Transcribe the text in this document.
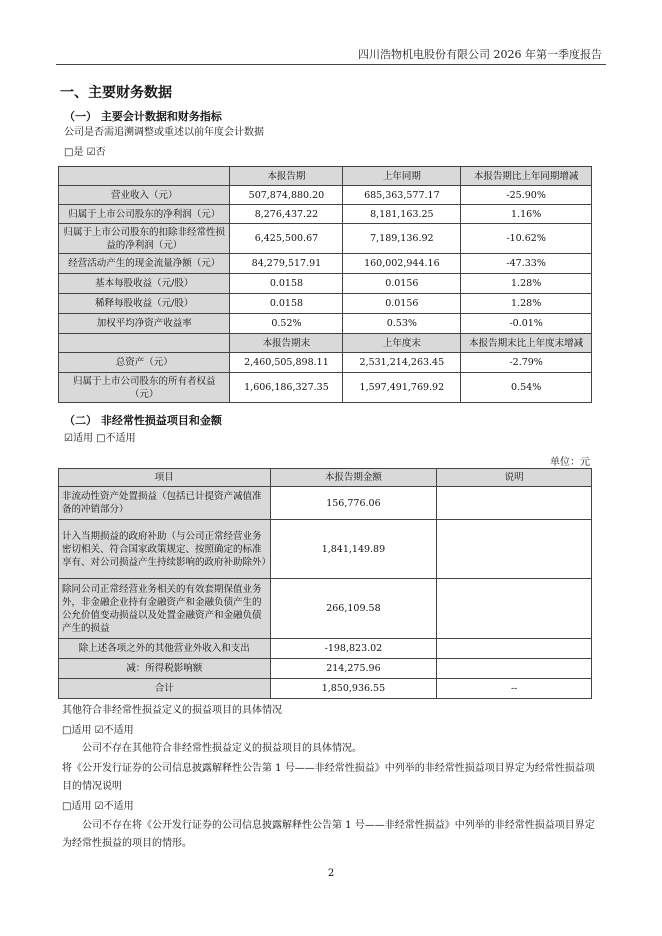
四川浩物机电股份有限公司 2026 年第一季度报告
一、主要财务数据
（一） 主要会计数据和财务指标
公司是否需追溯调整或重述以前年度会计数据
□是 ☑否
	本报告期	上年同期	本报告期比上年同期增减
营业收入（元）	507,874,880.20	685,363,577.17	-25.90%
归属于上市公司股东的净利润（元）	8,276,437.22	8,181,163.25	1.16%
归属于上市公司股东的扣除非经常性损益的净利润（元）	6,425,500.67	7,189,136.92	-10.62%
经营活动产生的现金流量净额（元）	84,279,517.91	160,002,944.16	-47.33%
基本每股收益（元/股）	0.0158	0.0156	1.28%
稀释每股收益（元/股）	0.0158	0.0156	1.28%
加权平均净资产收益率	0.52%	0.53%	-0.01%
	本报告期末	上年度末	本报告期末比上年度末增减
总资产（元）	2,460,505,898.11	2,531,214,263.45	-2.79%
归属于上市公司股东的所有者权益（元）	1,606,186,327.35	1,597,491,769.92	0.54%
（二） 非经常性损益项目和金额
☑适用 □不适用
单位：元
项目	本报告期金额	说明
非流动性资产处置损益（包括已计提资产减值准备的冲销部分）	156,776.06	
计入当期损益的政府补助（与公司正常经营业务密切相关、符合国家政策规定、按照确定的标准享有、对公司损益产生持续影响的政府补助除外）	1,841,149.89	
除同公司正常经营业务相关的有效套期保值业务外，非金融企业持有金融资产和金融负债产生的公允价值变动损益以及处置金融资产和金融负债产生的损益	266,109.58	
除上述各项之外的其他营业外收入和支出	-198,823.02	
减：所得税影响额	214,275.96	
合计	1,850,936.55	--
其他符合非经常性损益定义的损益项目的具体情况
□适用 ☑不适用
公司不存在其他符合非经常性损益定义的损益项目的具体情况。
将《公开发行证券的公司信息披露解释性公告第 1 号——非经常性损益》中列举的非经常性损益项目界定为经常性损益项目的情况说明
□适用 ☑不适用
公司不存在将《公开发行证券的公司信息披露解释性公告第 1 号——非经常性损益》中列举的非经常性损益项目界定为经常性损益的项目的情形。
2
